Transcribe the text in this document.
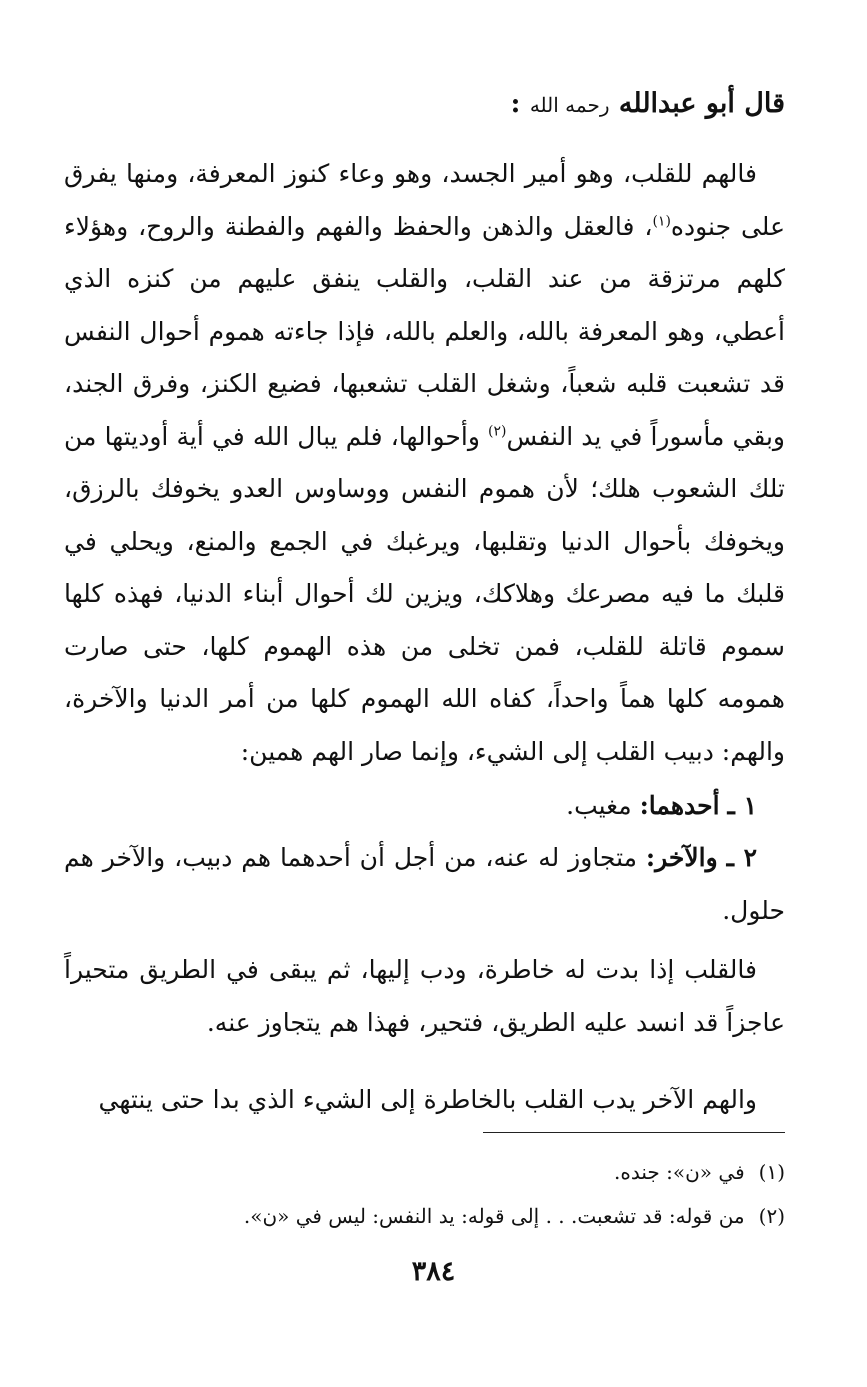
قال أبو عبدالله رحمه الله :
فالهم للقلب، وهو أمير الجسد، وهو وعاء كنوز المعرفة، ومنها يفرق على جنوده$^{(١)}$، فالعقل والذهن والحفظ والفهم والفطنة والروح، وهؤلاء كلهم مرتزقة من عند القلب، والقلب ينفق عليهم من كنزه الذي أعطي، وهو المعرفة بالله، والعلم بالله، فإذا جاءته هموم أحوال النفس قد تشعبت قلبه شعباً، وشغل القلب تشعبها، فضيع الكنز، وفرق الجند، وبقي مأسوراً في يد النفس$^{(٢)}$ وأحوالها، فلم يبال الله في أية أوديتها من تلك الشعوب هلك؛ لأن هموم النفس ووساوس العدو يخوفك بالرزق، ويخوفك بأحوال الدنيا وتقلبها، ويرغبك في الجمع والمنع، ويحلي في قلبك ما فيه مصرعك وهلاكك، ويزين لك أحوال أبناء الدنيا، فهذه كلها سموم قاتلة للقلب، فمن تخلى من هذه الهموم كلها، حتى صارت همومه كلها هماً واحداً، كفاه الله الهموم كلها من أمر الدنيا والآخرة، والهم: دبيب القلب إلى الشيء، وإنما صار الهم همين:
١ ـ أحدهما: مغيب.
٢ ـ والآخر: متجاوز له عنه، من أجل أن أحدهما هم دبيب، والآخر هم حلول.
فالقلب إذا بدت له خاطرة، ودب إليها، ثم يبقى في الطريق متحيراً عاجزاً قد انسد عليه الطريق، فتحير، فهذا هم يتجاوز عنه.
والهم الآخر يدب القلب بالخاطرة إلى الشيء الذي بدا حتى ينتهي
(١)في «ن»: جنده.
(٢)من قوله: قد تشعبت. . . إلى قوله: يد النفس: ليس في «ن».
٣٨٤
